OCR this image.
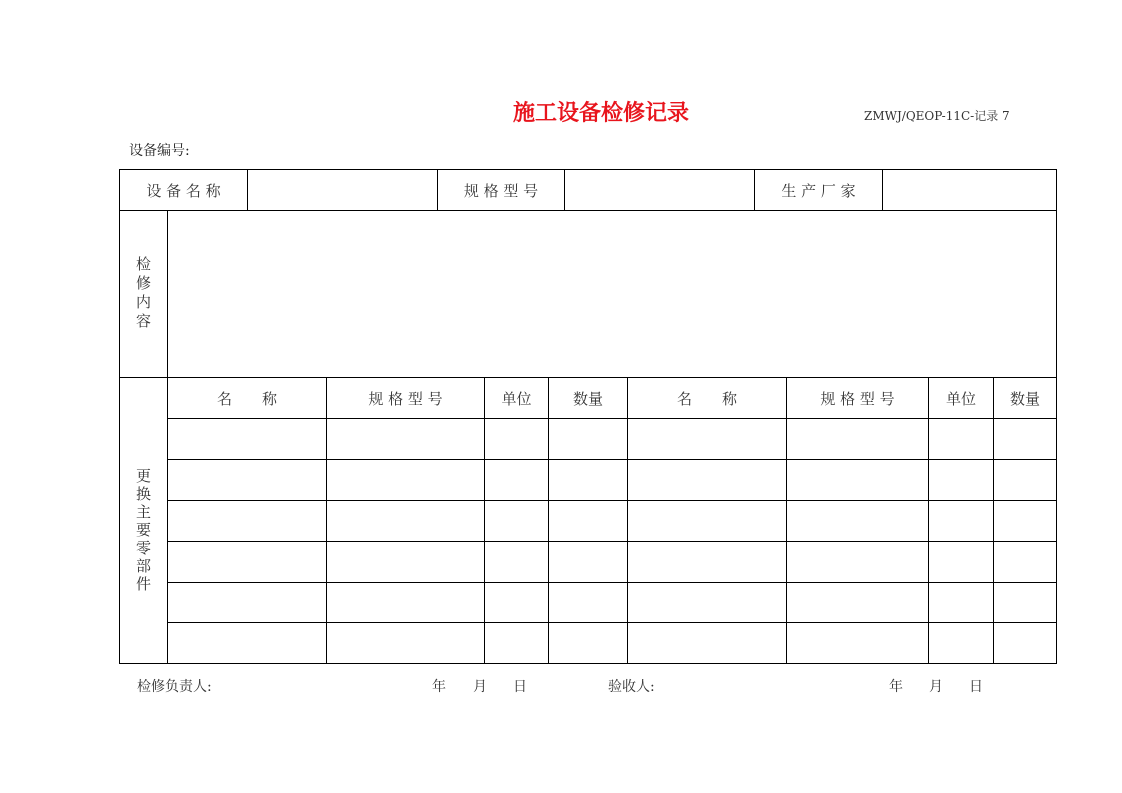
施工设备检修记录	ZMWJ/QEOP-11C-记录 7
设备编号:
设 备 名 称	规 格 型 号	生 产 厂 家
检修内容
更换主要零部件
名　　称	规 格 型 号	单位	数量	名　　称	规 格 型 号	单位	数量
检修负责人:	年 月 日	验收人:	年 月 日
